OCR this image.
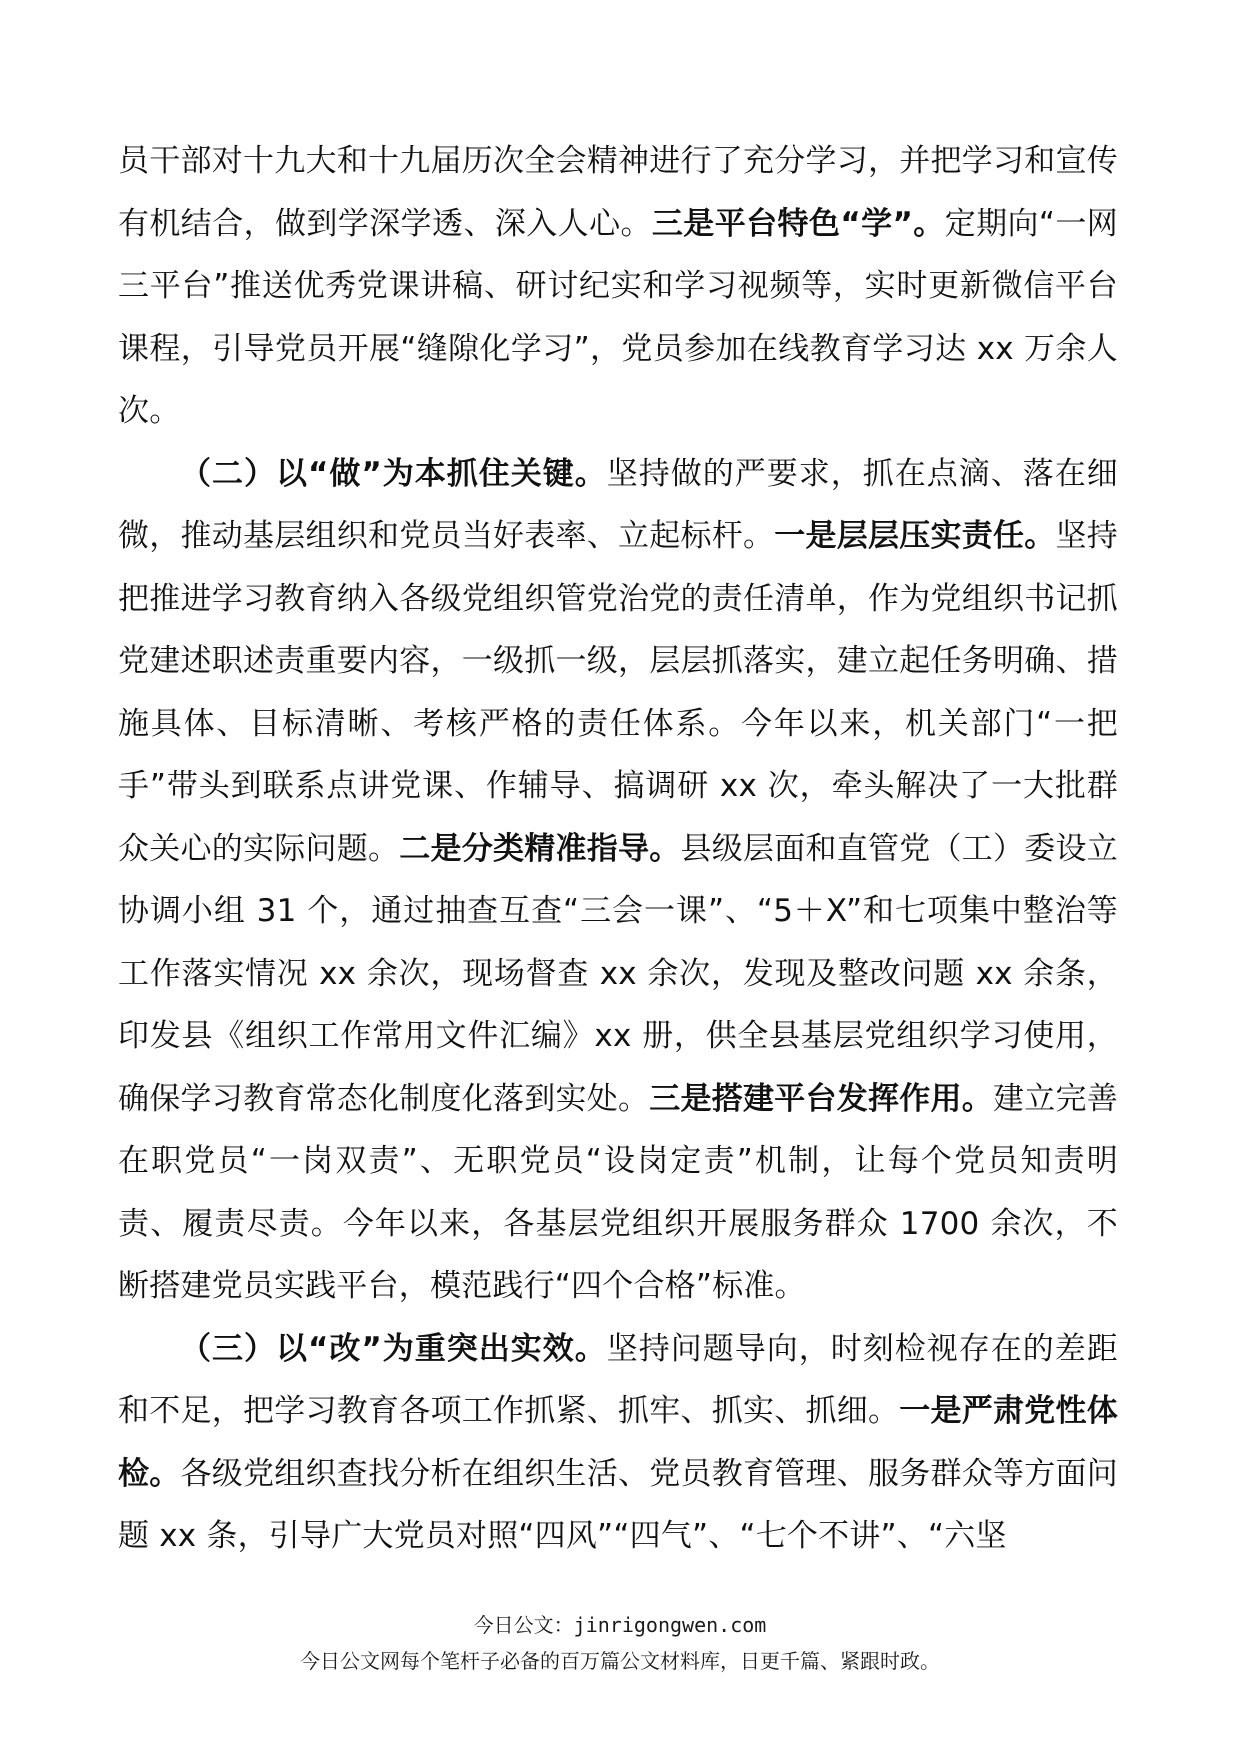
员干部对十九大和十九届历次全会精神进行了充分学习，并把学习和宣传有机结合，做到学深学透、深入人心。三是平台特色“学”。定期向“一网三平台”推送优秀党课讲稿、研讨纪实和学习视频等，实时更新微信平台课程，引导党员开展“缝隙化学习”，党员参加在线教育学习达 xx 万余人次。

（二）以“做”为本抓住关键。坚持做的严要求，抓在点滴、落在细微，推动基层组织和党员当好表率、立起标杆。一是层层压实责任。坚持把推进学习教育纳入各级党组织管党治党的责任清单，作为党组织书记抓党建述职述责重要内容，一级抓一级，层层抓落实，建立起任务明确、措施具体、目标清晰、考核严格的责任体系。今年以来，机关部门“一把手”带头到联系点讲党课、作辅导、搞调研 xx 次，牵头解决了一大批群众关心的实际问题。二是分类精准指导。县级层面和直管党（工）委设立协调小组 31 个，通过抽查互查“三会一课”、“5＋X”和七项集中整治等工作落实情况 xx 余次，现场督查 xx 余次，发现及整改问题 xx 余条，印发县《组织工作常用文件汇编》xx 册，供全县基层党组织学习使用，确保学习教育常态化制度化落到实处。三是搭建平台发挥作用。建立完善在职党员“一岗双责”、无职党员“设岗定责”机制，让每个党员知责明责、履责尽责。今年以来，各基层党组织开展服务群众 1700 余次，不断搭建党员实践平台，模范践行“四个合格”标准。

（三）以“改”为重突出实效。坚持问题导向，时刻检视存在的差距和不足，把学习教育各项工作抓紧、抓牢、抓实、抓细。一是严肃党性体检。各级党组织查找分析在组织生活、党员教育管理、服务群众等方面问题 xx 条，引导广大党员对照“四风”“四气”、“七个不讲”、“六坚

今日公文：jinrigongwen.com
今日公文网每个笔杆子必备的百万篇公文材料库，日更千篇、紧跟时政。
